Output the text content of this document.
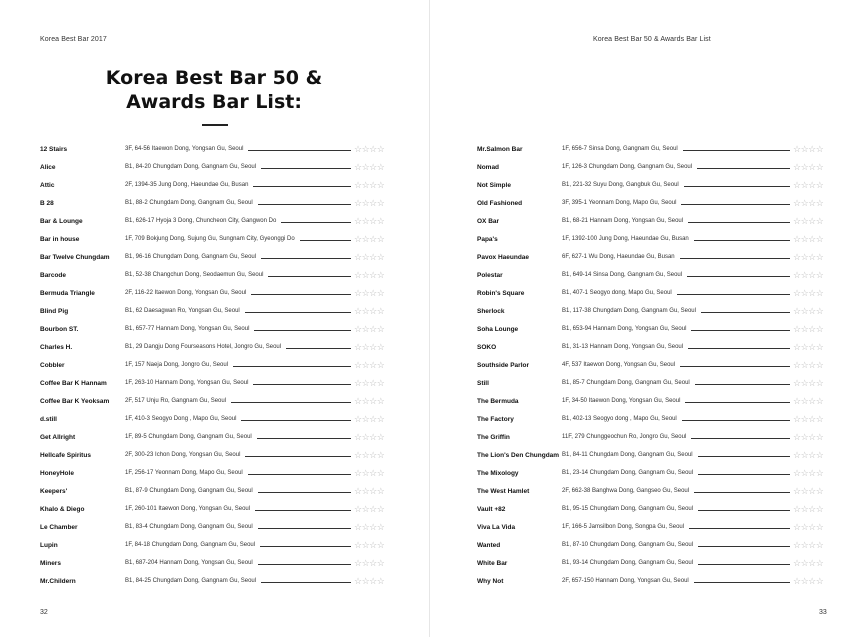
Korea Best Bar 2017
Korea Best Bar 50 &
Awards Bar List:
12 Stairs	3F, 64-56 Itaewon Dong, Yongsan Gu, Seoul	☆☆☆☆
Alice	B1, 84-20 Chungdam Dong, Gangnam Gu, Seoul	☆☆☆☆
Attic	2F, 1394-35 Jung Dong, Haeundae Gu, Busan	☆☆☆☆
B 28	B1, 88-2 Chungdam Dong, Gangnam Gu, Seoul	☆☆☆☆
Bar & Lounge	B1, 626-17 Hyoja 3 Dong, Chuncheon City, Gangwon Do	☆☆☆☆
Bar in house	1F, 709 Bokjung Dong, Sujung Gu, Sungnam City, Gyeonggi Do	☆☆☆☆
Bar Twelve Chungdam	B1, 96-16 Chungdam Dong, Gangnam Gu, Seoul	☆☆☆☆
Barcode	B1, 52-38 Changchun Dong, Seodaemun Gu, Seoul	☆☆☆☆
Bermuda Triangle	2F, 116-22 Itaewon Dong, Yongsan Gu, Seoul	☆☆☆☆
Blind Pig	B1, 62 Daesagwan Ro, Yongsan Gu, Seoul	☆☆☆☆
Bourbon ST.	B1, 657-77 Hannam Dong, Yongsan Gu, Seoul	☆☆☆☆
Charles H.	B1, 29 Dangju Dong Fourseasons Hotel, Jongro Gu, Seoul	☆☆☆☆
Cobbler	1F, 157 Naeja Dong, Jongro Gu, Seoul	☆☆☆☆
Coffee Bar K Hannam	1F, 263-10 Hannam Dong, Yongsan Gu, Seoul	☆☆☆☆
Coffee Bar K Yeoksam	2F, 517 Unju Ro, Gangnam Gu, Seoul	☆☆☆☆
d.still	1F, 410-3 Seogyo Dong , Mapo Gu, Seoul	☆☆☆☆
Get Allright	1F, 89-5 Chungdam Dong, Gangnam Gu, Seoul	☆☆☆☆
Hellcafe Spiritus	2F, 300-23 Ichon Dong, Yongsan Gu, Seoul	☆☆☆☆
HoneyHole	1F, 256-17 Yeonnam Dong, Mapo Gu, Seoul	☆☆☆☆
Keepers'	B1, 87-9 Chungdam Dong, Gangnam Gu, Seoul	☆☆☆☆
Khalo & Diego	1F, 260-101 Itaewon Dong, Yongsan Gu, Seoul	☆☆☆☆
Le Chamber	B1, 83-4 Chungdam Dong, Gangnam Gu, Seoul	☆☆☆☆
Lupin	1F, 84-18 Chungdam Dong, Gangnam Gu, Seoul	☆☆☆☆
Miners	B1, 687-204 Hannam Dong, Yongsan Gu, Seoul	☆☆☆☆
Mr.Childern	B1, 84-25 Chungdam Dong, Gangnam Gu, Seoul	☆☆☆☆
32
Korea Best Bar 50 & Awards Bar List
Mr.Salmon Bar	1F, 656-7 Sinsa Dong, Gangnam Gu, Seoul	☆☆☆☆
Nomad	1F, 126-3 Chungdam Dong, Gangnam Gu, Seoul	☆☆☆☆
Not Simple	B1, 221-32 Suyu Dong, Gangbuk Gu, Seoul	☆☆☆☆
Old Fashioned	3F, 395-1 Yeonnam Dong, Mapo Gu, Seoul	☆☆☆☆
OX Bar	B1, 68-21 Hannam Dong, Yongsan Gu, Seoul	☆☆☆☆
Papa's	1F, 1392-100 Jung Dong, Haeundae Gu, Busan	☆☆☆☆
Pavox Haeundae	6F, 627-1 Wu Dong, Haeundae Gu, Busan	☆☆☆☆
Polestar	B1, 649-14 Sinsa Dong, Gangnam Gu, Seoul	☆☆☆☆
Robin's Square	B1, 407-1 Seogyo dong, Mapo Gu, Seoul	☆☆☆☆
Sherlock	B1, 117-38 Chungdam Dong, Gangnam Gu, Seoul	☆☆☆☆
Soha Lounge	B1, 653-94 Hannam Dong, Yongsan Gu, Seoul	☆☆☆☆
SOKO	B1, 31-13 Hannam Dong, Yongsan Gu, Seoul	☆☆☆☆
Southside Parlor	4F, 537 Itaewon Dong, Yongsan Gu, Seoul	☆☆☆☆
Still	B1, 85-7 Chungdam Dong, Gangnam Gu, Seoul	☆☆☆☆
The Bermuda	1F, 34-50 Itaewon Dong, Yongsan Gu, Seoul	☆☆☆☆
The Factory	B1, 402-13 Seogyo dong , Mapo Gu, Seoul	☆☆☆☆
The Griffin	11F, 279 Chunggeochun Ro, Jongro Gu, Seoul	☆☆☆☆
The Lion's Den Chungdam B1, 84-11 Chungdam Dong, Gangnam Gu, Seoul	☆☆☆☆
The Mixology	B1, 23-14 Chungdam Dong, Gangnam Gu, Seoul	☆☆☆☆
The West Hamlet	2F, 662-38 Banghwa Dong, Gangseo Gu, Seoul	☆☆☆☆
Vault +82	B1, 95-15 Chungdam Dong, Gangnam Gu, Seoul	☆☆☆☆
Viva La Vida	1F, 166-5 Jamsilbon Dong, Songpa Gu, Seoul	☆☆☆☆
Wanted	B1, 87-10 Chungdam Dong, Gangnam Gu, Seoul	☆☆☆☆
White Bar	B1, 93-14 Chungdam Dong, Gangnam Gu, Seoul	☆☆☆☆
Why Not	2F, 657-150 Hannam Dong, Yongsan Gu, Seoul	☆☆☆☆
33
